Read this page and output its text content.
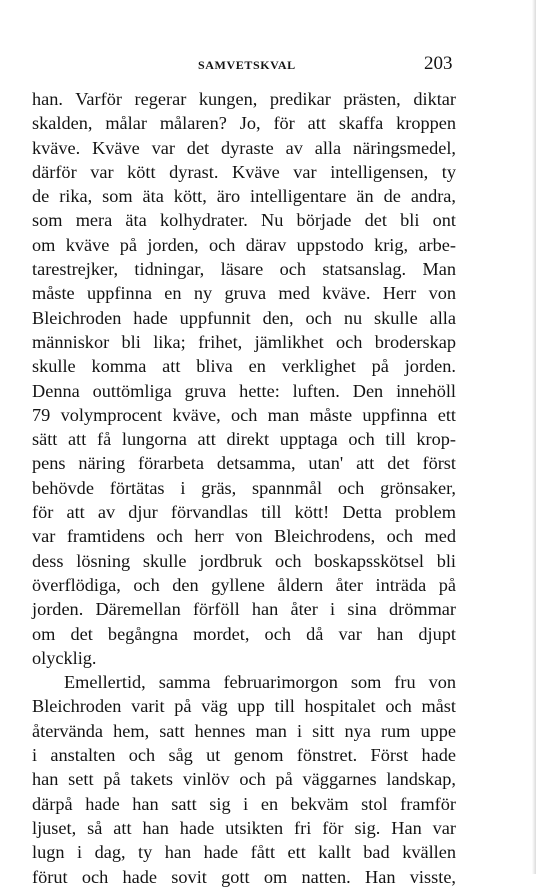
SAMVETSKVAL	203
han. Varför regerar kungen, predikar prästen, diktar
skalden, målar målaren? Jo, för att skaffa kroppen
kväve. Kväve var det dyraste av alla näringsmedel,
därför var kött dyrast. Kväve var intelligensen, ty
de rika, som äta kött, äro intelligentare än de andra,
som mera äta kolhydrater. Nu började det bli ont
om kväve på jorden, och därav uppstodo krig, arbe-
tarestrejker, tidningar, läsare och statsanslag. Man
måste uppfinna en ny gruva med kväve. Herr von
Bleichroden hade uppfunnit den, och nu skulle alla
människor bli lika; frihet, jämlikhet och broderskap
skulle komma att bliva en verklighet på jorden.
Denna outtömliga gruva hette: luften. Den innehöll
79 volymprocent kväve, och man måste uppfinna ett
sätt att få lungorna att direkt upptaga och till krop-
pens näring förarbeta detsamma, utan' att det först
behövde förtätas i gräs, spannmål och grönsaker,
för att av djur förvandlas till kött! Detta problem
var framtidens och herr von Bleichrodens, och med
dess lösning skulle jordbruk och boskapsskötsel bli
överflödiga, och den gyllene åldern åter inträda på
jorden. Däremellan förföll han åter i sina drömmar
om det begångna mordet, och då var han djupt
olycklig.
Emellertid, samma februarimorgon som fru von
Bleichroden varit på väg upp till hospitalet och måst
återvända hem, satt hennes man i sitt nya rum uppe
i anstalten och såg ut genom fönstret. Först hade
han sett på takets vinlöv och på väggarnes landskap,
därpå hade han satt sig i en bekväm stol framför
ljuset, så att han hade utsikten fri för sig. Han var
lugn i dag, ty han hade fått ett kallt bad kvällen
förut och hade sovit gott om natten. Han visste,
